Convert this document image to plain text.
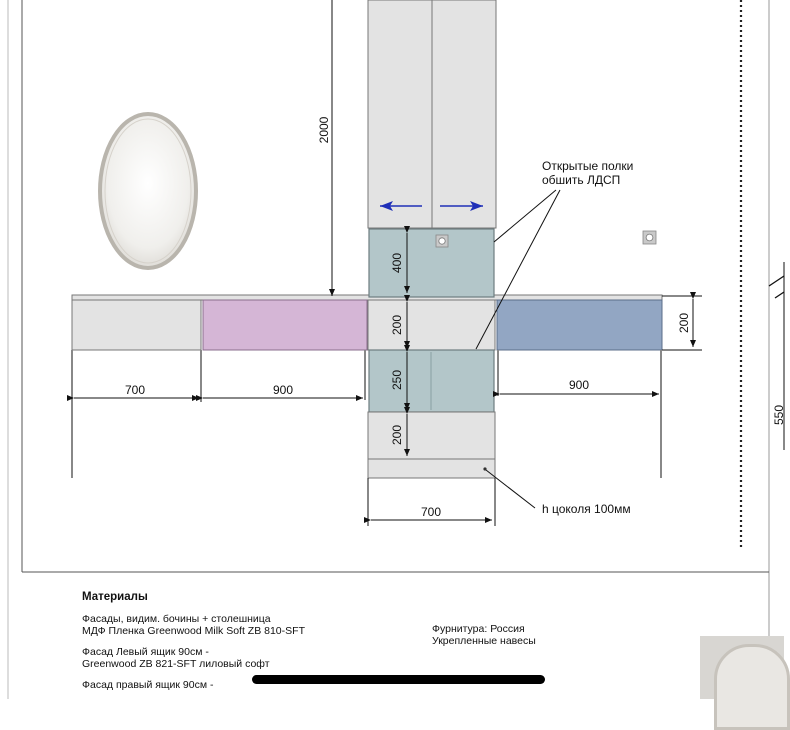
2000
400
200
250
200
700	900	900
200
700
Открытые полки
обшить ЛДСП
h цоколя 100мм
550
Материалы
Фасады, видим. бочины + столешница
МДФ Пленка Greenwood Milk Soft ZB 810-SFT
Фасад Левый ящик 90см -
Greenwood ZB 821-SFT лиловый софт
Фасад правый ящик 90см -
Фурнитура: Россия
Укрепленные навесы
